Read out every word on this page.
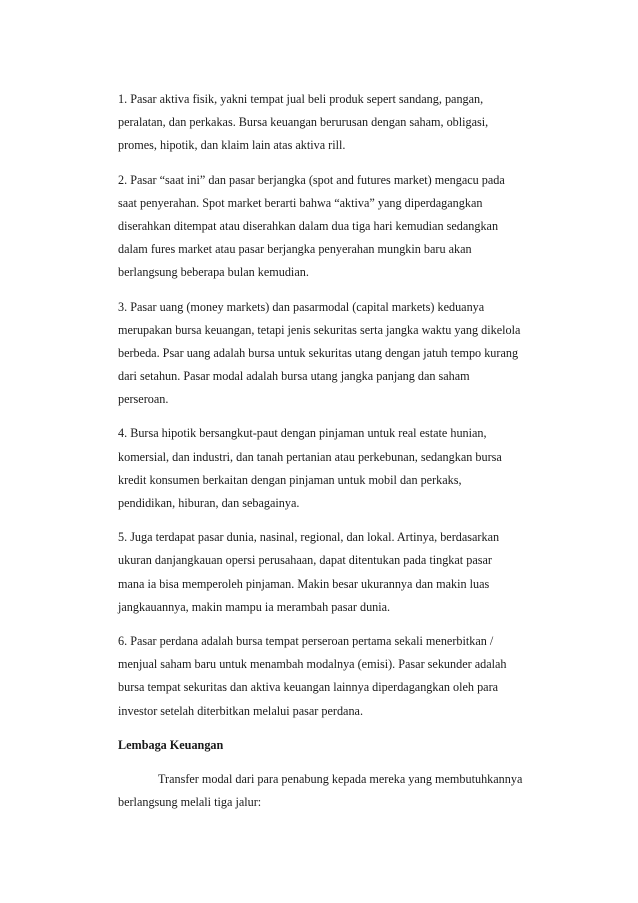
1. Pasar aktiva fisik, yakni tempat jual beli produk sepert sandang, pangan,
peralatan, dan perkakas. Bursa keuangan berurusan dengan saham, obligasi,
promes, hipotik, dan klaim lain atas aktiva rill.
2. Pasar “saat ini” dan pasar berjangka (spot and futures market) mengacu pada
saat penyerahan. Spot market berarti bahwa “aktiva” yang diperdagangkan
diserahkan ditempat atau diserahkan dalam dua tiga hari kemudian sedangkan
dalam fures market atau pasar berjangka penyerahan mungkin baru akan
berlangsung beberapa bulan kemudian.
3. Pasar uang (money markets) dan pasarmodal (capital markets) keduanya
merupakan bursa keuangan, tetapi jenis sekuritas serta jangka waktu yang dikelola
berbeda. Psar uang adalah bursa untuk sekuritas utang dengan jatuh tempo kurang
dari setahun. Pasar modal adalah bursa utang jangka panjang dan saham
perseroan.
4. Bursa hipotik bersangkut-paut dengan pinjaman untuk real estate hunian,
komersial, dan industri, dan tanah pertanian atau perkebunan, sedangkan bursa
kredit konsumen berkaitan dengan pinjaman untuk mobil dan perkaks,
pendidikan, hiburan, dan sebagainya.
5. Juga terdapat pasar dunia, nasinal, regional, dan lokal. Artinya, berdasarkan
ukuran danjangkauan opersi perusahaan, dapat ditentukan pada tingkat pasar
mana ia bisa memperoleh pinjaman. Makin besar ukurannya dan makin luas
jangkauannya, makin mampu ia merambah pasar dunia.
6. Pasar perdana adalah bursa tempat perseroan pertama sekali menerbitkan /
menjual saham baru untuk menambah modalnya (emisi). Pasar sekunder adalah
bursa tempat sekuritas dan aktiva keuangan lainnya diperdagangkan oleh para
investor setelah diterbitkan melalui pasar perdana.
Lembaga Keuangan
Transfer modal dari para penabung kepada mereka yang membutuhkannya
berlangsung melali tiga jalur:
